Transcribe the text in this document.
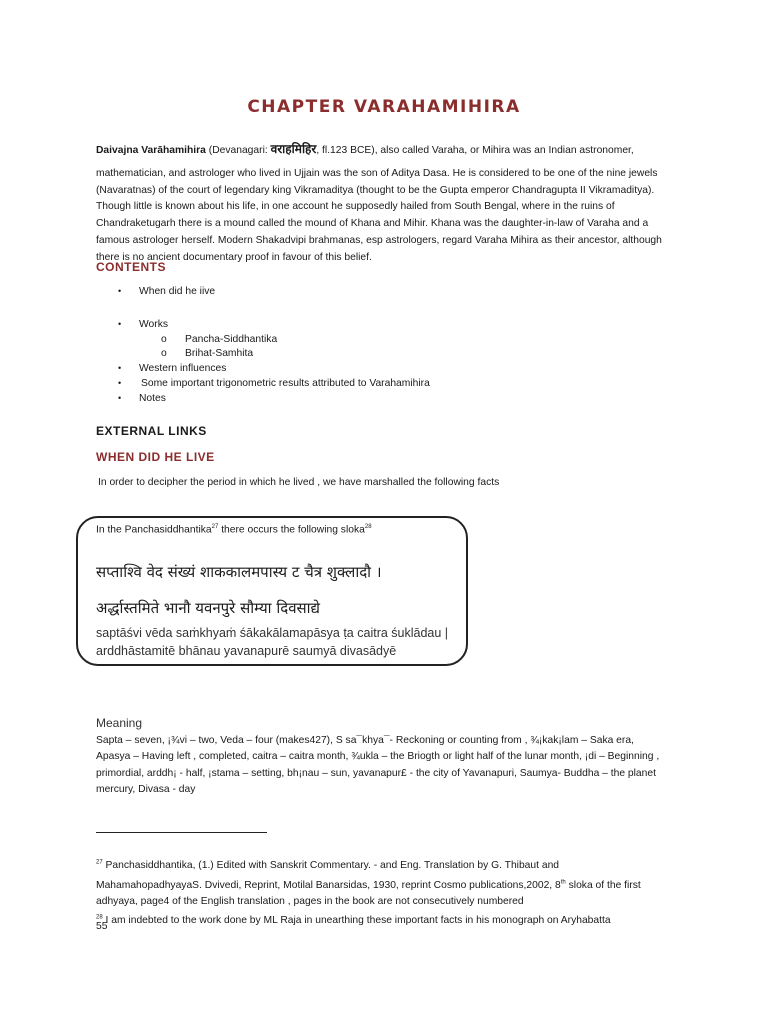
CHAPTER VARAHAMIHIRA

Daivajna Varāhamihira (Devanagari: वराहमिहिर, fl.123 BCE), also called Varaha, or Mihira was an Indian astronomer,
mathematician, and astrologer who lived in Ujjain was the son of Aditya Dasa. He is considered to be one of the nine jewels (Navaratnas) of the court of legendary king Vikramaditya (thought to be the Gupta emperor Chandragupta II Vikramaditya). Though little is known about his life, in one account he supposedly hailed from South Bengal, where in the ruins of Chandraketugarh there is a mound called the mound of Khana and Mihir. Khana was the daughter-in-law of Varaha and a famous astrologer herself. Modern Shakadvipi brahmanas, esp astrologers, regard Varaha Mihira as their ancestor, although there is no ancient documentary proof in favour of this belief.

CONTENTS
• When did he iive
• Works
o Pancha-Siddhantika
o Brihat-Samhita
• Western influences
• Some important trigonometric results attributed to Varahamihira
• Notes
EXTERNAL LINKS
WHEN DID HE LIVE

In order to decipher the period in which he lived , we have marshalled the following facts

In the Panchasiddhantika$^{27}$ there occurs the following sloka$^{28}$

सप्ताश्वि वेद संख्यं शाककालमपास्य ट चैत्र शुक्लादौ ।

अर्द्धास्तमिते भानौ यवनपुरे सौम्या दिवसाद्ये

saptāśvi vēda saṁkhyaṁ śākakālamapāsya ṭa caitra śuklādau |

arddhāstamitē bhānau yavanapurē saumyā divasādyē

Meaning

Sapta – seven, ¡¾vi – two, Veda – four (makes427), S sa¯khya¯- Reckoning or counting from , ¾¡kak¡lam – Saka era, Apasya – Having left , completed, caitra – caitra month, ¾ukla – the Briogth or light half of the lunar month, ¡di – Beginning , primordial, arddh¡ - half, ¡stama – setting, bh¡nau – sun, yavanapur£ - the city of Yavanapuri, Saumya- Buddha – the planet mercury, Divasa - day

$^{27}$ Panchasiddhantika, (1.) Edited with Sanskrit Commentary. - and Eng. Translation by G. Thibaut and MahamahopadhyayaS. Dvivedi, Reprint, Motilal Banarsidas, 1930, reprint Cosmo publications,2002, 8th sloka of the first adhyaya, page4 of the English translation , pages in the book are not consecutively numbered
$^{28}$ I am indebted to the work done by ML Raja in unearthing these important facts in his monograph on Aryhabatta

55
